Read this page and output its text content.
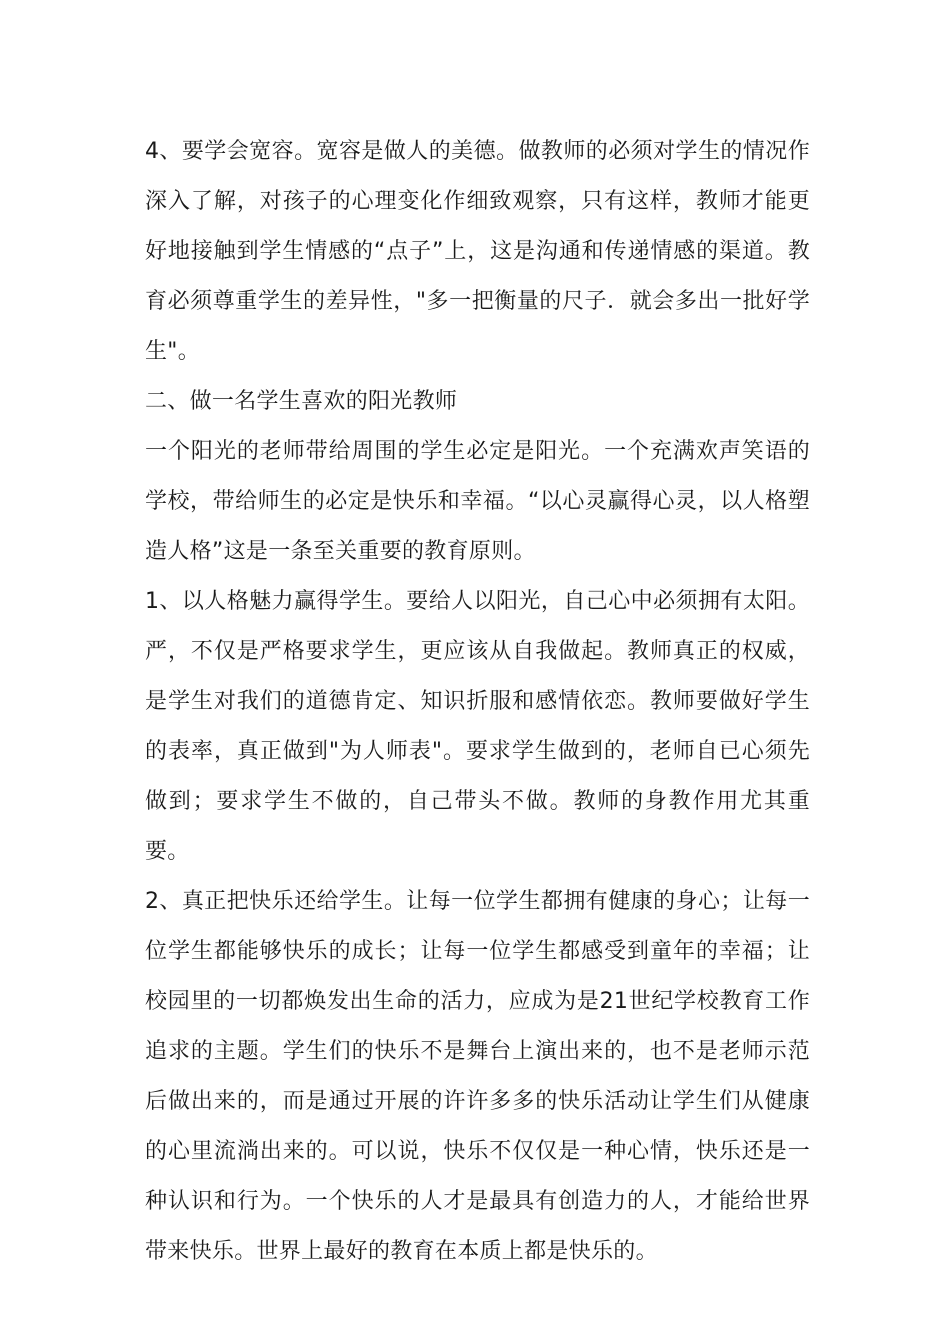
4、要学会宽容。宽容是做人的美德。做教师的必须对学生的情况作深入了解，对孩子的心理变化作细致观察，只有这样，教师才能更好地接触到学生情感的“点子”上，这是沟通和传递情感的渠道。教育必须尊重学生的差异性，"多一把衡量的尺子．就会多出一批好学生"。

二、做一名学生喜欢的阳光教师

一个阳光的老师带给周围的学生必定是阳光。一个充满欢声笑语的学校，带给师生的必定是快乐和幸福。“以心灵赢得心灵，以人格塑造人格”这是一条至关重要的教育原则。

1、以人格魅力赢得学生。要给人以阳光，自己心中必须拥有太阳。严，不仅是严格要求学生，更应该从自我做起。教师真正的权威，是学生对我们的道德肯定、知识折服和感情依恋。教师要做好学生的表率，真正做到"为人师表"。要求学生做到的，老师自已心须先做到；要求学生不做的，自己带头不做。教师的身教作用尤其重要。

2、真正把快乐还给学生。让每一位学生都拥有健康的身心；让每一位学生都能够快乐的成长；让每一位学生都感受到童年的幸福；让校园里的一切都焕发出生命的活力，应成为是21世纪学校教育工作追求的主题。学生们的快乐不是舞台上演出来的，也不是老师示范后做出来的，而是通过开展的许许多多的快乐活动让学生们从健康的心里流淌出来的。可以说，快乐不仅仅是一种心情，快乐还是一种认识和行为。一个快乐的人才是最具有创造力的人，才能给世界带来快乐。世界上最好的教育在本质上都是快乐的。
